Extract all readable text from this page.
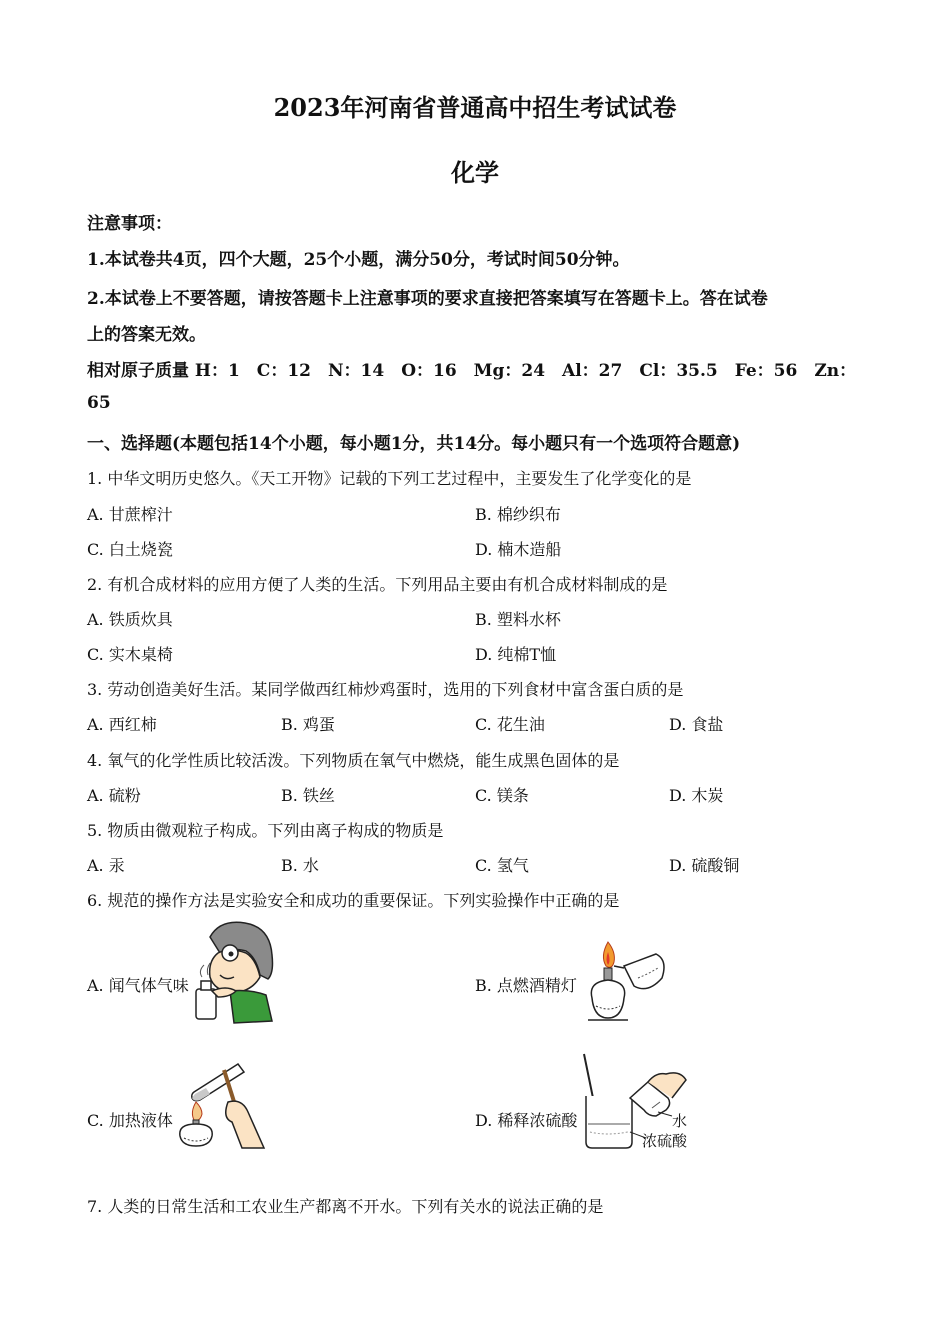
2023年河南省普通高中招生考试试卷
化学
注意事项：
1.本试卷共4页，四个大题，25个小题，满分50分，考试时间50分钟。
2.本试卷上不要答题，请按答题卡上注意事项的要求直接把答案填写在答题卡上。答在试卷
上的答案无效。
相对原子质量 H：1　C：12　N：14　O：16　Mg：24　Al：27　Cl：35.5　Fe：56　Zn：
65
一、选择题(本题包括14个小题，每小题1分，共14分。每小题只有一个选项符合题意)
1. 中华文明历史悠久。《天工开物》记载的下列工艺过程中，主要发生了化学变化的是
A. 甘蔗榨汁	B. 棉纱织布
C. 白土烧瓷	D. 楠木造船
2. 有机合成材料的应用方便了人类的生活。下列用品主要由有机合成材料制成的是
A. 铁质炊具	B. 塑料水杯
C. 实木桌椅	D. 纯棉T恤
3. 劳动创造美好生活。某同学做西红柿炒鸡蛋时，选用的下列食材中富含蛋白质的是
A. 西红柿	B. 鸡蛋	C. 花生油	D. 食盐
4. 氧气的化学性质比较活泼。下列物质在氧气中燃烧，能生成黑色固体的是
A. 硫粉	B. 铁丝	C. 镁条	D. 木炭
5. 物质由微观粒子构成。下列由离子构成的物质是
A. 汞	B. 水	C. 氢气	D. 硫酸铜
6. 规范的操作方法是实验安全和成功的重要保证。下列实验操作中正确的是
A. 闻气体气味	B. 点燃酒精灯
C. 加热液体	D. 稀释浓硫酸	水
浓硫酸
7. 人类的日常生活和工农业生产都离不开水。下列有关水的说法正确的是
